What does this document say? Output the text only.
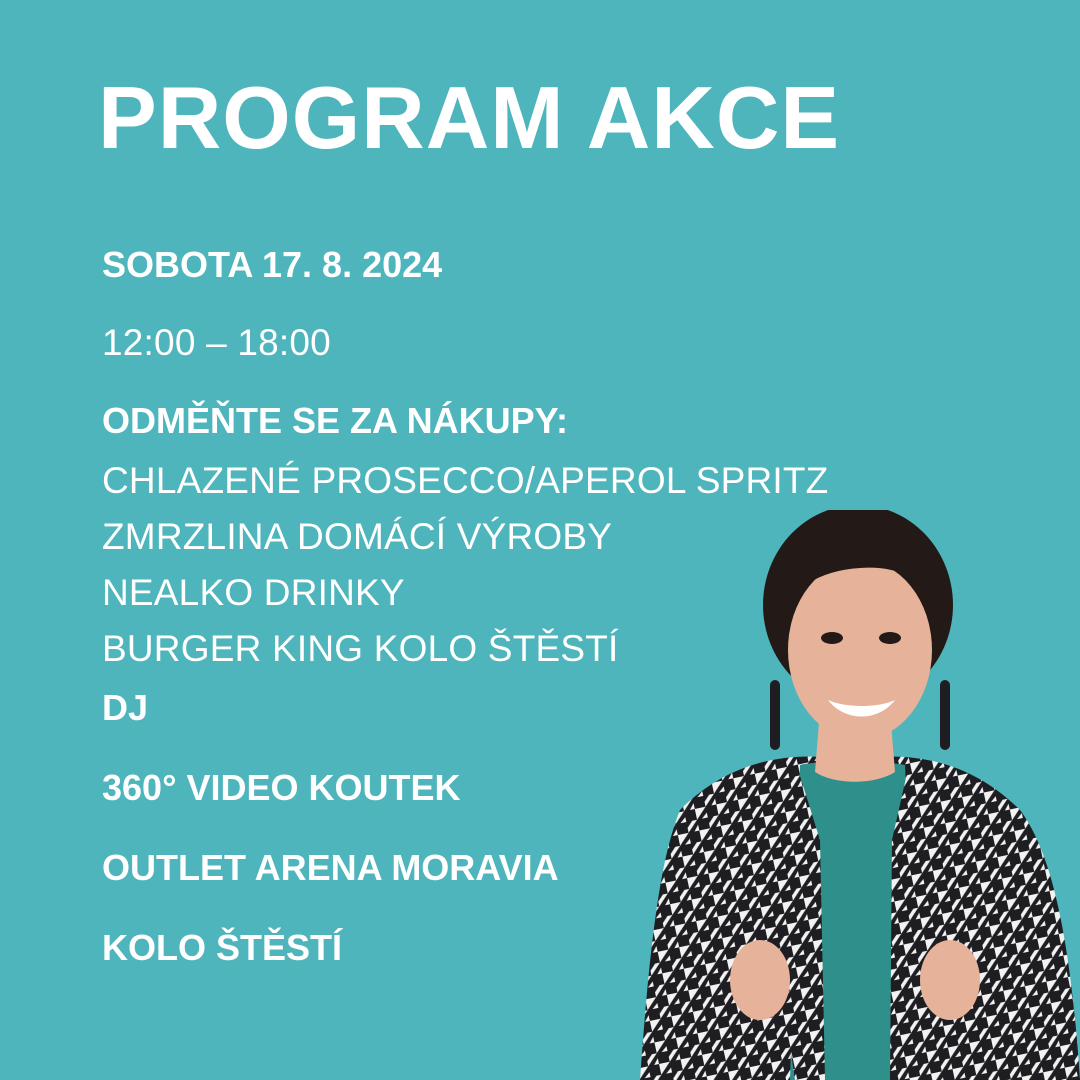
PROGRAM AKCE
SOBOTA 17. 8. 2024
12:00 – 18:00
ODMĚŇTE SE ZA NÁKUPY:
CHLAZENÉ PROSECCO/APEROL SPRITZ
ZMRZLINA DOMÁCÍ VÝROBY
NEALKO DRINKY
BURGER KING KOLO ŠTĚSTÍ
DJ
360° VIDEO KOUTEK
OUTLET ARENA MORAVIA
KOLO ŠTĚSTÍ
